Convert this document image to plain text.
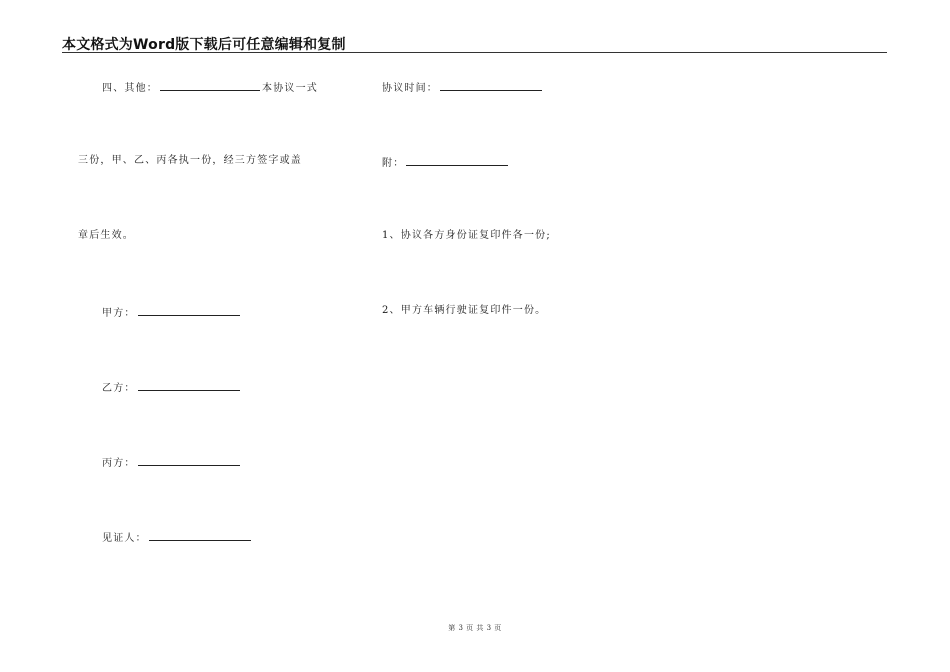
本文格式为Word版下载后可任意编辑和复制
四、其他：	本协议一式
三份，甲、乙、丙各执一份，经三方签字或盖
章后生效。
甲方：
乙方：
丙方：
见证人：
协议时间：
附：
1、协议各方身份证复印件各一份;
2、甲方车辆行驶证复印件一份。
第 3 页 共 3 页
